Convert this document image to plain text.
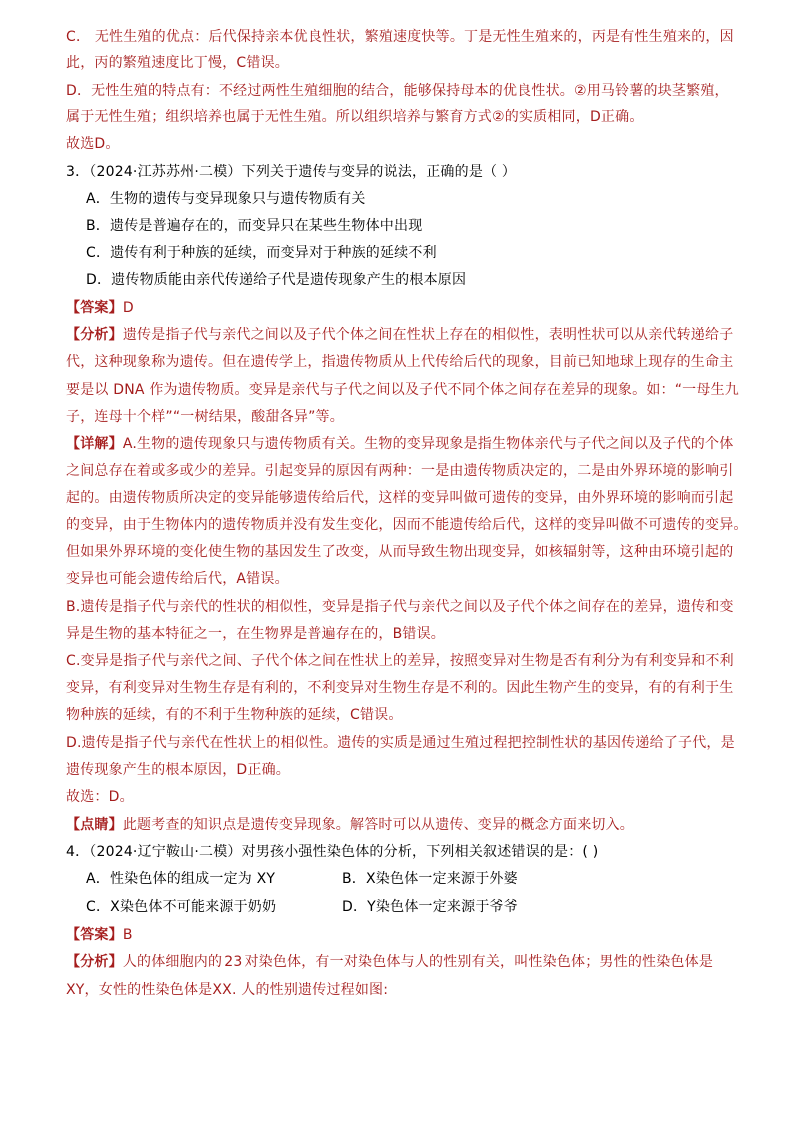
C． 无性生殖的优点：后代保持亲本优良性状，繁殖速度快等。丁是无性生殖来的，丙是有性生殖来的，因
此，丙的繁殖速度比丁慢，C错误。
D．无性生殖的特点有：不经过两性生殖细胞的结合，能够保持母本的优良性状。②用马铃薯的块茎繁殖，
属于无性生殖；组织培养也属于无性生殖。所以组织培养与繁育方式②的实质相同，D正确。
故选D。
3．（2024·江苏苏州·二模）下列关于遗传与变异的说法，正确的是（ ）
A．生物的遗传与变异现象只与遗传物质有关
B．遗传是普遍存在的，而变异只在某些生物体中出现
C．遗传有利于种族的延续，而变异对于种族的延续不利
D．遗传物质能由亲代传递给子代是遗传现象产生的根本原因
【答案】D
【分析】遗传是指子代与亲代之间以及子代个体之间在性状上存在的相似性，表明性状可以从亲代转递给子
代，这种现象称为遗传。但在遗传学上，指遗传物质从上代传给后代的现象，目前已知地球上现存的生命主
要是以 DNA 作为遗传物质。变异是亲代与子代之间以及子代不同个体之间存在差异的现象。如：“一母生九
子，连母十个样”“一树结果，酸甜各异”等。
【详解】A.生物的遗传现象只与遗传物质有关。生物的变异现象是指生物体亲代与子代之间以及子代的个体
之间总存在着或多或少的差异。引起变异的原因有两种：一是由遗传物质决定的，二是由外界环境的影响引
起的。由遗传物质所决定的变异能够遗传给后代，这样的变异叫做可遗传的变异，由外界环境的影响而引起
的变异，由于生物体内的遗传物质并没有发生变化，因而不能遗传给后代，这样的变异叫做不可遗传的变异。
但如果外界环境的变化使生物的基因发生了改变，从而导致生物出现变异，如核辐射等，这种由环境引起的
变异也可能会遗传给后代，A错误。
B.遗传是指子代与亲代的性状的相似性，变异是指子代与亲代之间以及子代个体之间存在的差异，遗传和变
异是生物的基本特征之一，在生物界是普遍存在的，B错误。
C.变异是指子代与亲代之间、子代个体之间在性状上的差异，按照变异对生物是否有利分为有利变异和不利
变异，有利变异对生物生存是有利的，不利变异对生物生存是不利的。因此生物产生的变异，有的有利于生
物种族的延续，有的不利于生物种族的延续，C错误。
D.遗传是指子代与亲代在性状上的相似性。遗传的实质是通过生殖过程把控制性状的基因传递给了子代，是
遗传现象产生的根本原因，D正确。
故选：D。
【点睛】此题考查的知识点是遗传变异现象。解答时可以从遗传、变异的概念方面来切入。
4．（2024·辽宁鞍山·二模）对男孩小强性染色体的分析，下列相关叙述错误的是：( )
A．性染色体的组成一定为 XY	B．X染色体一定来源于外婆
C．X染色体不可能来源于奶奶	D．Y染色体一定来源于爷爷
【答案】B
【分析】人的体细胞内的 23 对染色体，有一对染色体与人的性别有关，叫性染色体；男性的性染色体是
XY，女性的性染色体是XX. 人的性别遗传过程如图:
